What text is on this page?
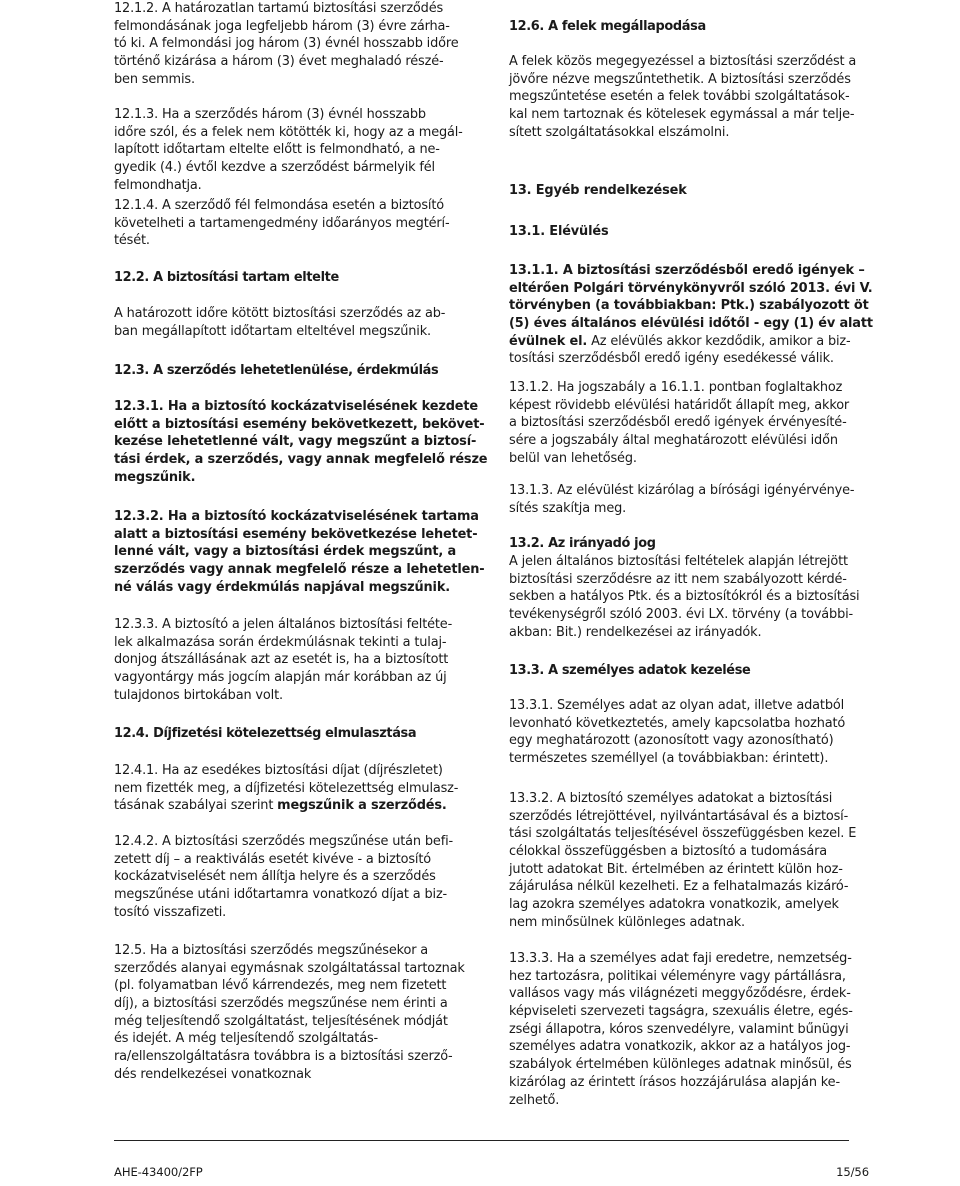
12.1.2. A határozatlan tartamú biztosítási szerződés
felmondásának joga legfeljebb három (3) évre zárha-
tó ki. A felmondási jog három (3) évnél hosszabb időre
történő kizárása a három (3) évet meghaladó részé-
ben semmis.
12.1.3. Ha a szerződés három (3) évnél hosszabb
időre szól, és a felek nem kötötték ki, hogy az a megál-
lapított időtartam eltelte előtt is felmondható, a ne-
gyedik (4.) évtől kezdve a szerződést bármelyik fél
felmondhatja.
12.1.4. A szerződő fél felmondása esetén a biztosító
követelheti a tartamengedmény időarányos megtérí-
tését.
12.2. A biztosítási tartam eltelte
A határozott időre kötött biztosítási szerződés az ab-
ban megállapított időtartam elteltével megszűnik.
12.3. A szerződés lehetetlenülése, érdekmúlás
12.3.1. Ha a biztosító kockázatviselésének kezdete
előtt a biztosítási esemény bekövetkezett, bekövet-
kezése lehetetlenné vált, vagy megszűnt a biztosí-
tási érdek, a szerződés, vagy annak megfelelő része
megszűnik.
12.3.2. Ha a biztosító kockázatviselésének tartama
alatt a biztosítási esemény bekövetkezése lehetet-
lenné vált, vagy a biztosítási érdek megszűnt, a
szerződés vagy annak megfelelő része a lehetetlen-
né válás vagy érdekmúlás napjával megszűnik.
12.3.3. A biztosító a jelen általános biztosítási feltéte-
lek alkalmazása során érdekmúlásnak tekinti a tulaj-
donjog átszállásának azt az esetét is, ha a biztosított
vagyontárgy más jogcím alapján már korábban az új
tulajdonos birtokában volt.
12.4. Díjfizetési kötelezettség elmulasztása
12.4.1. Ha az esedékes biztosítási díjat (díjrészletet)
nem fizették meg, a díjfizetési kötelezettség elmulasz-
tásának szabályai szerint megszűnik a szerződés.
12.4.2. A biztosítási szerződés megszűnése után befi-
zetett díj – a reaktiválás esetét kivéve - a biztosító
kockázatviselését nem állítja helyre és a szerződés
megszűnése utáni időtartamra vonatkozó díjat a biz-
tosító visszafizeti.
12.5. Ha a biztosítási szerződés megszűnésekor a
szerződés alanyai egymásnak szolgáltatással tartoznak
(pl. folyamatban lévő kárrendezés, meg nem fizetett
díj), a biztosítási szerződés megszűnése nem érinti a
még teljesítendő szolgáltatást, teljesítésének módját
és idejét. A még teljesítendő szolgáltatás-
ra/ellenszolgáltatásra továbbra is a biztosítási szerző-
dés rendelkezései vonatkoznak
12.6. A felek megállapodása
A felek közös megegyezéssel a biztosítási szerződést a
jövőre nézve megszűntethetik. A biztosítási szerződés
megszűntetése esetén a felek további szolgáltatások-
kal nem tartoznak és kötelesek egymással a már telje-
sített szolgáltatásokkal elszámolni.
13. Egyéb rendelkezések
13.1. Elévülés
13.1.1. A biztosítási szerződésből eredő igények –
eltérően Polgári törvénykönyvről szóló 2013. évi V.
törvényben (a továbbiakban: Ptk.) szabályozott öt
(5) éves általános elévülési időtől - egy (1) év alatt
évülnek el. Az elévülés akkor kezdődik, amikor a biz-
tosítási szerződésből eredő igény esedékessé válik.
13.1.2. Ha jogszabály a 16.1.1. pontban foglaltakhoz
képest rövidebb elévülési határidőt állapít meg, akkor
a biztosítási szerződésből eredő igények érvényesíté-
sére a jogszabály által meghatározott elévülési időn
belül van lehetőség.
13.1.3. Az elévülést kizárólag a bírósági igényérvénye-
sítés szakítja meg.
13.2. Az irányadó jog
A jelen általános biztosítási feltételek alapján létrejött
biztosítási szerződésre az itt nem szabályozott kérdé-
sekben a hatályos Ptk. és a biztosítókról és a biztosítási
tevékenységről szóló 2003. évi LX. törvény (a további-
akban: Bit.) rendelkezései az irányadók.
13.3. A személyes adatok kezelése
13.3.1. Személyes adat az olyan adat, illetve adatból
levonható következtetés, amely kapcsolatba hozható
egy meghatározott (azonosított vagy azonosítható)
természetes személlyel (a továbbiakban: érintett).
13.3.2. A biztosító személyes adatokat a biztosítási
szerződés létrejöttével, nyilvántartásával és a biztosí-
tási szolgáltatás teljesítésével összefüggésben kezel. E
célokkal összefüggésben a biztosító a tudomására
jutott adatokat Bit. értelmében az érintett külön hoz-
zájárulása nélkül kezelheti. Ez a felhatalmazás kizáró-
lag azokra személyes adatokra vonatkozik, amelyek
nem minősülnek különleges adatnak.
13.3.3. Ha a személyes adat faji eredetre, nemzetség-
hez tartozásra, politikai véleményre vagy pártállásra,
vallásos vagy más világnézeti meggyőződésre, érdek-
képviseleti szervezeti tagságra, szexuális életre, egés-
zségi állapotra, kóros szenvedélyre, valamint bűnügyi
személyes adatra vonatkozik, akkor az a hatályos jog-
szabályok értelmében különleges adatnak minősül, és
kizárólag az érintett írásos hozzájárulása alapján ke-
zelhető.
AHE-43400/2FP	15/56
